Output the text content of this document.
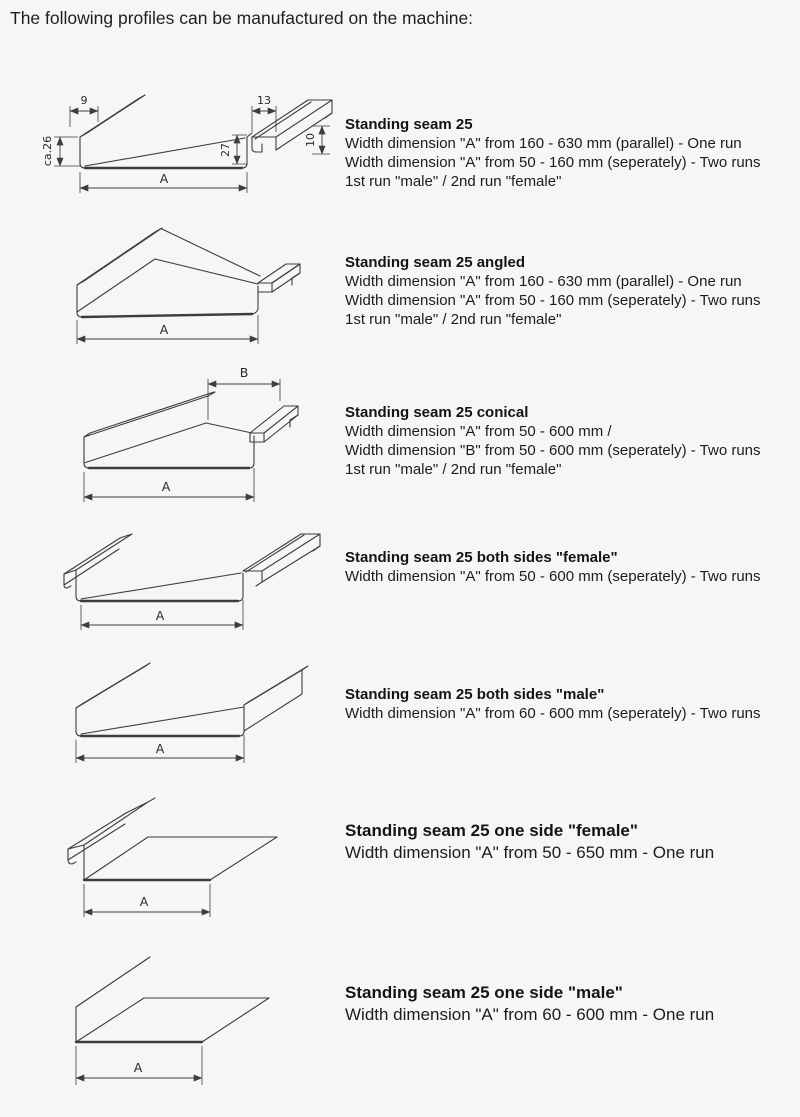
The following profiles can be manufactured on the machine:
9	13
ca.26	27
10
A
Standing seam 25

Width dimension "A" from 160 - 630 mm (parallel) - One run

Width dimension "A" from 50 - 160 mm (seperately) - Two runs

1st run "male" / 2nd run "female"

A
Standing seam 25 angled

Width dimension "A" from 160 - 630 mm (parallel) - One run

Width dimension "A" from 50 - 160 mm (seperately) - Two runs

1st run "male" / 2nd run "female"

B
A
Standing seam 25 conical

Width dimension "A" from 50 - 600 mm /

Width dimension "B" from 50 - 600 mm (seperately) - Two runs

1st run "male" / 2nd run "female"

A
Standing seam 25 both sides "female"

Width dimension "A" from 50 - 600 mm (seperately) - Two runs

A
Standing seam 25 both sides "male"

Width dimension "A" from 60 - 600 mm (seperately) - Two runs

A
Standing seam 25 one side "female"

Width dimension "A" from 50 - 650 mm - One run

A
Standing seam 25 one side "male"

Width dimension "A" from 60 - 600 mm - One run
